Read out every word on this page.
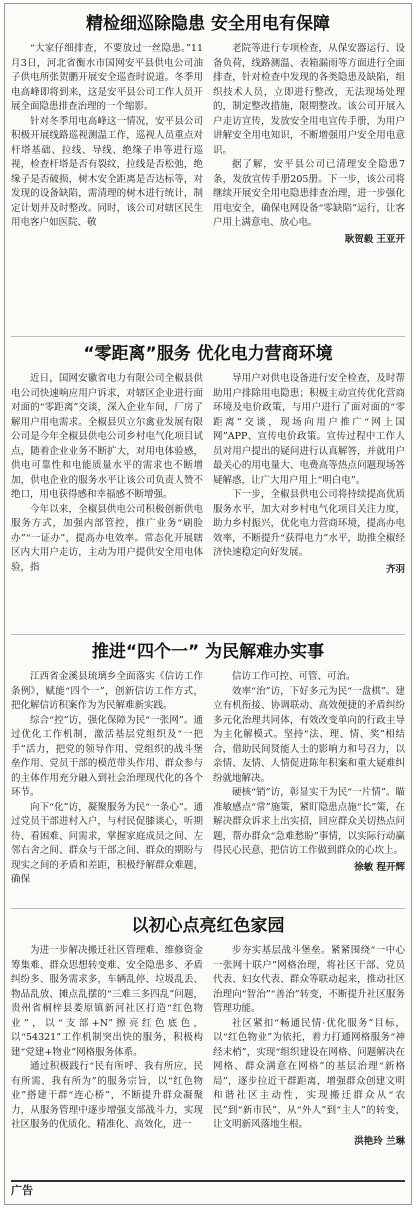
精检细巡除隐患 安全用电有保障

“大家仔细排查，不要放过一丝隐患。”11月3日，河北省衡水市国网安平县供电公司油子供电所张贺鹏开展安全巡查时说道。冬季用电高峰即将到来，这是安平县公司工作人员开展全面隐患排查治理的一个缩影。

针对冬季用电高峰这一情况，安平县公司积极开展线路巡视测温工作，巡视人员重点对杆塔基础、拉线、导线、绝缘子串等进行巡视，检查杆塔是否有裂纹，拉线是否松弛，绝缘子是否破损，树木安全距离是否达标等，对发现的设备缺陷，需清理的树木进行统计，制定计划并及时整改。同时，该公司对辖区民生用电客户如医院、敬

老院等进行专项检查，从保安器运行、设备负荷，线路测温、表箱漏雨等方面进行全面排查，针对检查中发现的各类隐患及缺陷，组织技术人员，立即进行整改，无法现场处理的，制定整改措施，限期整改。该公司开展入户走访宣传，发放安全用电宣传手册，为用户讲解安全用电知识，不断增强用户安全用电意识。

据了解，安平县公司已清理安全隐患7条，发放宣传手册205册。下一步，该公司将继续开展安全用电隐患排查治理，进一步强化用电安全，确保电网设备“零缺陷”运行，让客户用上满意电、放心电。

耿贺毅 王亚开
“零距离”服务 优化电力营商环境

近日，国网安徽省电力有限公司全椒县供电公司快速响应用户诉求，对辖区企业进行面对面的“零距离”交谈，深入企业车间，厂房了解用户用电需求。全椒县贝立尔禽业发展有限公司是今年全椒县供电公司乡村电气化项目试点，随着企业业务不断扩大，对用电体验感，供电可靠性和电能质量水平的需求也不断增加，供电企业的服务水平让该公司负责人赞不绝口，用电获得感和幸福感不断增强。

今年以来，全椒县供电公司积极创新供电服务方式，加强内部管控，推广业务“刷脸办”“一证办”，提高办电效率。常态化开展辖区内大用户走访，主动为用户提供安全用电体验，指

导用户对供电设备进行安全检查，及时帮助用户排除用电隐患；积极主动宣传优化营商环境及电价政策，与用户进行了面对面的“零距离”交谈，现场向用户推广“网上国网”APP、宣传电价政策。宣传过程中工作人员对用户提出的疑问进行认真解答，并就用户最关心的用电量大、电费高等热点问题现场答疑解惑，让广大用户用上“明白电”。

下一步，全椒县供电公司将持续提高优质服务水平，加大对乡村电气化项目关注力度，助力乡村振兴，优化电力营商环境，提高办电效率，不断提升“获得电力”水平，助推全椒经济快速稳定向好发展。

齐羽
推进“四个一” 为民解难办实事

江西省金溪县琉璃乡全面落实《信访工作条例》，赋能“四个一”，创新信访工作方式，把化解信访积案作为为民解难新实践。

综合“控”访，强化保障为民“一张网”。通过优化工作机制，激活基层党组织及“一把手”活力，把党的领导作用、党组织的战斗堡垒作用、党员干部的模范带头作用、群众参与的主体作用充分融入到社会治理现代化的各个环节。

向下“化”访，凝聚服务为民“一条心”。通过党员干部进村入户，与村民促膝谈心，听期待、看困难、问需求，掌握家庭成员之间、左邻右舍之间、群众与干部之间、群众的期盼与现实之间的矛盾和差距，积极纾解群众难题，确保

信访工作可控、可管、可治。

效率“治”访，下好多元为民“一盘棋”。建立有机衔接、协调联动、高效便捷的矛盾纠纷多元化治理共同体，有效改变单向的行政主导为主化解模式。坚持“法、理、情、奖”相结合，借助民间贤能人士的影响力和号召力，以亲情、友情、人情促进陈年积案和重大疑难纠纷就地解决。

硬核“销”访，彰显实干为民“一片情”。瞄准敏感点“常”施策，紧盯隐患点施“长”策，在解决群众诉求上出实招，回应群众关切热点问题，帮办群众“急难愁盼”事情，以实际行动赢得民心民意，把信访工作做到群众的心坎上。

徐敏 程开辉
以初心点亮红色家园

为进一步解决搬迁社区管理难、维修资金筹集难、群众思想转变难、安全隐患多、矛盾纠纷多、服务需求多，车辆乱停、垃圾乱丢、物品乱放、摊点乱摆的“三难三多四乱”问题，贵州省桐梓县娄原镇新河社区打造“红色物业”，以“支部+N”擦亮红色底色，以“54321”工作机制突出快的服务，积极构建“党建+物业”网格服务体系。

通过积极践行“民有所呼、我有所应，民有所需、我有所为”的服务宗旨，以“红色物业”搭建干群“连心桥”，不断提升群众凝聚力，从服务管理中逐步增强支部战斗力，实现社区服务的优质化、精准化、高效化，进一

步夯实基层战斗堡垒。紧紧围绕“一中心一张网十联户”网格治理，将社区干部、党员代表、妇女代表、群众等联动起来，推动社区治理向“智治”“善治”转变，不断提升社区服务管理功能。

社区紧扣“畅通民情·优化服务”目标，以“红色物业”为依托，着力打通网格服务“神经末梢”，实现“组织建设在网格、问题解决在网格、群众满意在网格”的基层治理“新格局”，逐步拉近干群距离，增强群众创建文明和谐社区主动性，实现搬迁群众从“农民”到“新市民”、从“外人”到“主人”的转变，让文明新风落地生根。

洪艳玲 兰琳
广告
